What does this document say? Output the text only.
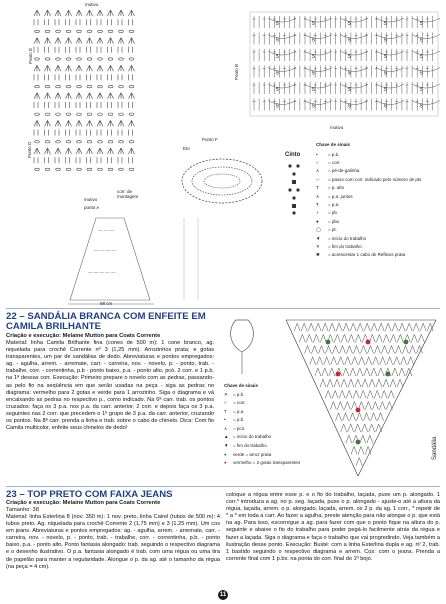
motivo
Ponto E
Ponto D
motivo
ponto A
corr. de montagem
5	5	5	5	5
5	5	5	5	5
5	5	5	5	5
5	5	5	5	5
5	5	5	5	5
5	5	5	5	5
Ponto B
motivo
Ponto F
Eto
Cinto
Chave de sinais
• = p.b.
○ = corr.
⋏ = pé-de-galinha
◦◦ = passo com corr. indicado pelo número de pts
T = p. alto
∧ = p.a. juntos
Ŧ = p.a.
+ = pb
● = pbx
◯ = pt.
▼ = início do trabalho
✕ = fim do trabalho
✱ = acrescentar 1 cabo de Reflexis prata
— — —
— — — —
— — — — —
98 cm
22 – SANDÁLIA BRANCA COM ENFEITE EM CAMILA BRILHANTE
Criação e execução: Melaine Mutton para Coats Corrente
Material: linha Camila Brilhante fina (cones de 500 m): 1 cone branco, ag. niquelada para crochê Corrente nº 3 (1,25 mm). Arrozinhos prata; e gotas transparentes, um par de sandálias de dedo. Abreviaturas e pontos empregados: ag. - agulha, arrem. - arremate, carr. - carreira, nov. - novelo, p. - ponto, trab. - trabalhe, corr. - correntinha, p.b - ponto baixo, p.a. - ponto alto, pcò. 2 corr. e 1 p.b. na 1ª dessas corr. Execução: Primeiro prepare o novelo com as pedras, passando-as pelo fio na seqüência em que serão usadas na peça - siga as pedras no diagrama: vermelho para 2 gotas e verde para 1 arrozinho. Siga o diagrama e vá encaixando as pedras no respectivo p., como indicado. Na 6ª carr. trab. os pontos cruzados: faça os 3 p.a. nos p.a. da carr. anterior, 2 corr. e depois faça os 3 p.a. seguintes nas 2 corr. que precedem o 1º grupo de 3 p.a. da carr. anterior, cruzando os pontos. Na 8ª carr. prenda a linha e trab. sobre o cabo de chinelo. Dica: Com fio Camila multicolor, enfeite seus chinelos de dedo!
Sandália
Chave de sinais
✕ = p.b
○ = corr.
T = p.a.
• = p.b.
⋏ = pcò.
▲ = início do trabalho
▼ = fim do trabalho
● verde = arroz prata
● vermelho = 2 gotas transparentes
23 – TOP PRETO COM FAIXA JEANS
Criação e execução: Melaine Mutton para Coats Corrente
Tamanho: 38
Material: linha Esterlina 8 (nov. 350 m): 1 nov. preto, linha Cairel (tubos de 500 m): 4 tubos preto. Ag. niquelada para crochê Corrente 2 (1,75 mm) e 3 (1,25 mm). Um cos em jeans. Abreviaturas e pontos empregados: ag. - agulha, arrem. - arremate, carr. - carreira, nov. - novelo, p. - ponto, trab. - trabalhe, corr. - correntinha, p.b. - ponto baixo, p.a. - ponto alto. Ponto fantasia alongado: trab. seguindo o respectivo diagrama e o desenho ilustrativo. O p.a. fantasia alongado é trab. com uma régua ou uma tira de papelão para manter a regularidade. Alongue o p. da ag. até o tamanho da régua (na peça = 4 cm).
coloque a régua entre esse p. e o fio do trabalho, laçada, puxe um p. alongado. 1 corr.* introduza a ag. no p. seg. laçada, puxe o p. alongado - ajuste-o até a altura da régua, laçada, arrem. o p. alongado, laçada, arrem. os 2 p. da ag. 1 corr., * repetir de * a * em toda a carr. Ao fazer a agulha, preste atenção para não alongar o p. que está na ag. Para isso, escorregue a ag. para fazer com que o ponto fique na altura do p. seguinte e abaixe o fio do trabalho para poder pegá-lo facilmente atrás da régua e fazer a laçada. Siga o diagrama e faça o trabalho que vai progredindo. Veja também a ilustração desse ponto. Execução: Busté: com a linha Esterlina dupla e ag. nº 2, trab. 1 bastido seguindo o respectivo diagrama e arrem. Cos: com o jeans. Prenda a corrente final com 1 p.bx. na ponta do corr. final do 1º bojo.
11
